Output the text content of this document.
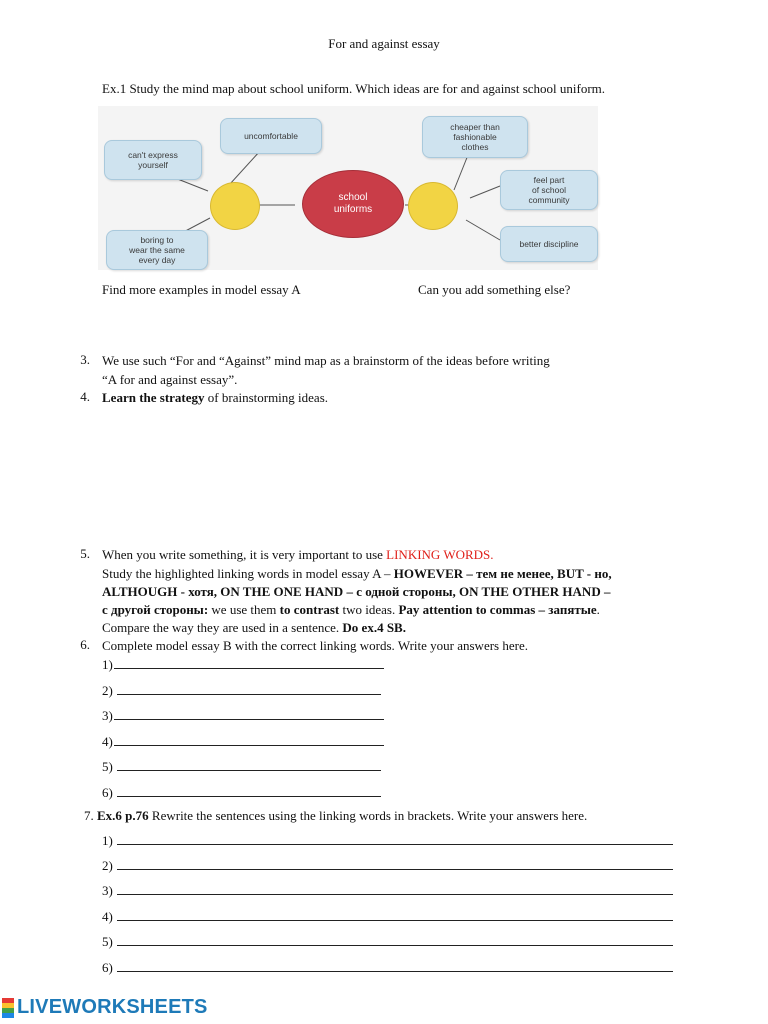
For and against essay
Ex.1 Study the mind map about school uniform. Which ideas are for and against school uniform.
uncomfortable
can't express
yourself
boring to
wear the same
every day
cheaper than
fashionable
clothes
feel part
of school
community
better discipline
school
uniforms
Find more examples in model essay A	Can you add something else?
3. We use such “For and “Against” mind map as a brainstorm of the ideas before writing
“A for and against essay”.
4. Learn the strategy of brainstorming ideas.
5. When you write something, it is very important to use LINKING WORDS.
Study the highlighted linking words in model essay A – HOWEVER – тем не менее, BUT - но,
ALTHOUGH - хотя, ON THE ONE HAND – с одной стороны, ON THE OTHER HAND –
с другой стороны: we use them to contrast two ideas. Pay attention to commas – запятые.
Compare the way they are used in a sentence. Do ex.4 SB.
6. Complete model essay B with the correct linking words. Write your answers here.
1)
2)
3)
4)
5)
6)
7. Ex.6 p.76 Rewrite the sentences using the linking words in brackets. Write your answers here.
1)
2)
3)
4)
5)
6)
LIVEWORKSHEETS
